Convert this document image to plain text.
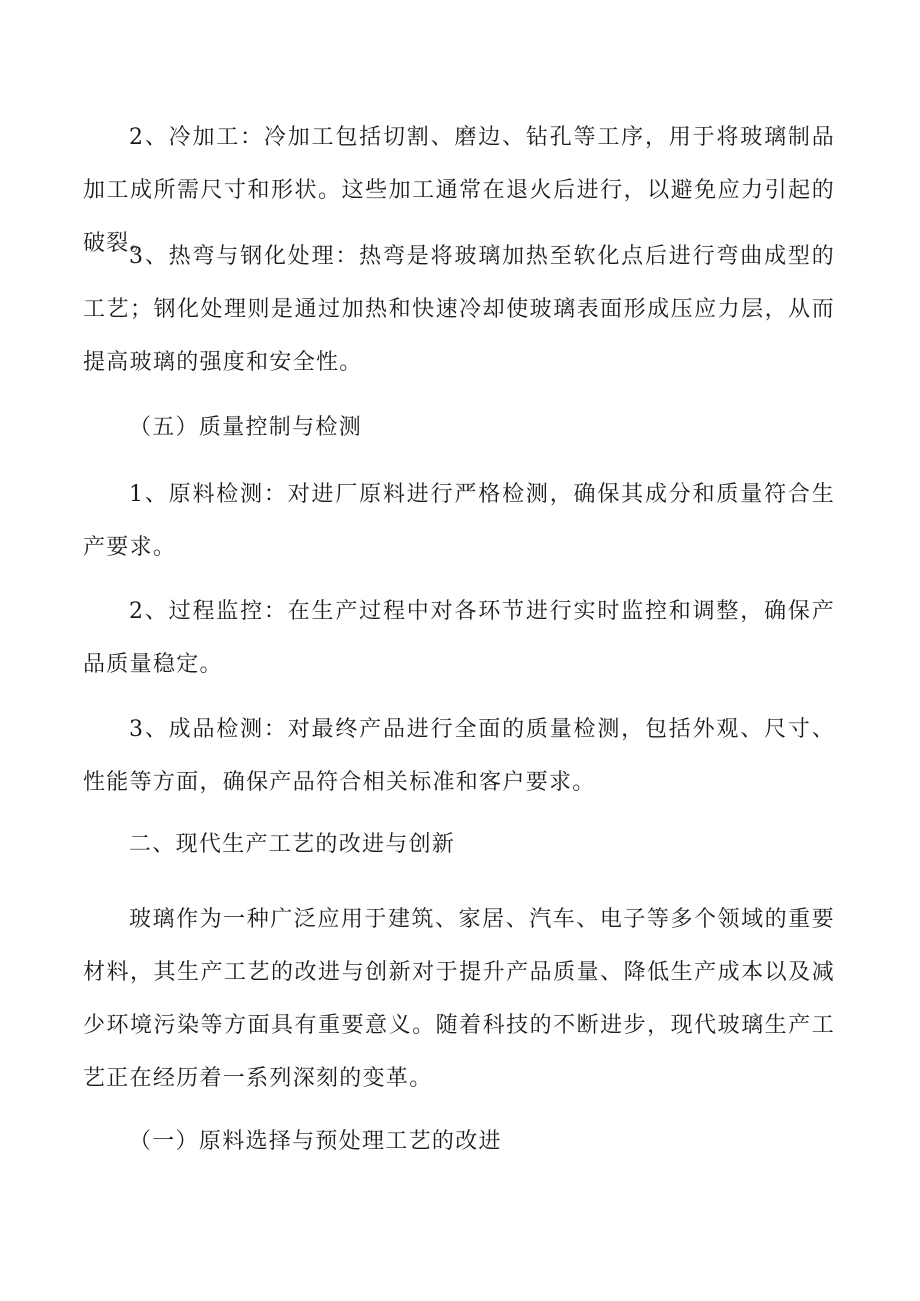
2、冷加工：冷加工包括切割、磨边、钻孔等工序，用于将玻璃制品加工成所需尺寸和形状。这些加工通常在退火后进行，以避免应力引起的破裂。

3、热弯与钢化处理：热弯是将玻璃加热至软化点后进行弯曲成型的工艺；钢化处理则是通过加热和快速冷却使玻璃表面形成压应力层，从而提高玻璃的强度和安全性。

（五）质量控制与检测

1、原料检测：对进厂原料进行严格检测，确保其成分和质量符合生产要求。

2、过程监控：在生产过程中对各环节进行实时监控和调整，确保产品质量稳定。

3、成品检测：对最终产品进行全面的质量检测，包括外观、尺寸、性能等方面，确保产品符合相关标准和客户要求。

二、现代生产工艺的改进与创新

玻璃作为一种广泛应用于建筑、家居、汽车、电子等多个领域的重要材料，其生产工艺的改进与创新对于提升产品质量、降低生产成本以及减少环境污染等方面具有重要意义。随着科技的不断进步，现代玻璃生产工艺正在经历着一系列深刻的变革。

（一）原料选择与预处理工艺的改进
